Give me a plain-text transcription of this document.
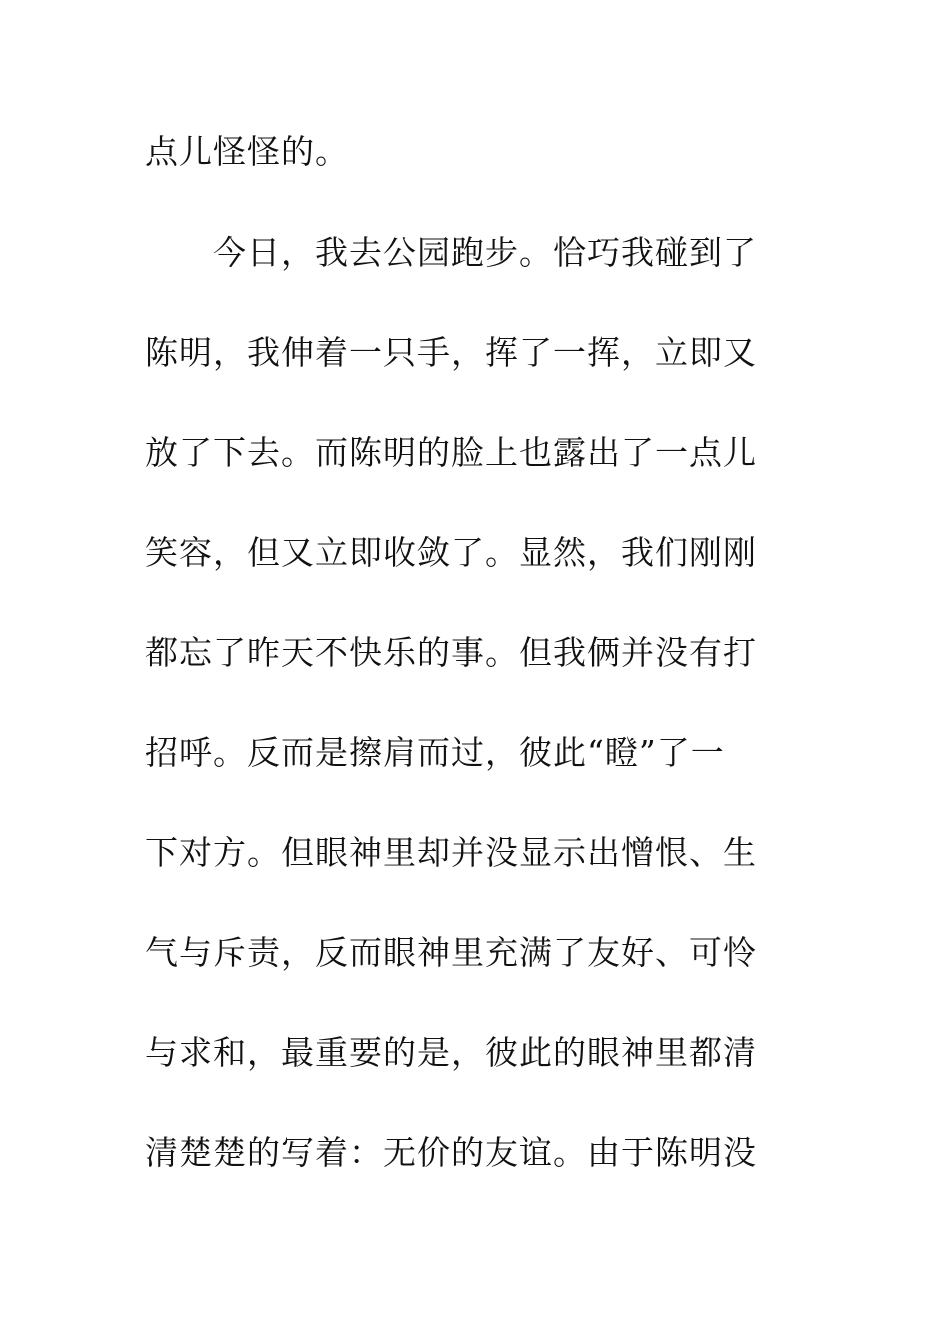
点儿怪怪的。
今日，我去公园跑步。恰巧我碰到了
陈明，我伸着一只手，挥了一挥，立即又
放了下去。而陈明的脸上也露出了一点儿
笑容，但又立即收敛了。显然，我们刚刚
都忘了昨天不快乐的事。但我俩并没有打
招呼。反而是擦肩而过，彼此“瞪”了一
下对方。但眼神里却并没显示出憎恨、生
气与斥责，反而眼神里充满了友好、可怜
与求和，最重要的是，彼此的眼神里都清
清楚楚的写着：无价的友谊。由于陈明没
